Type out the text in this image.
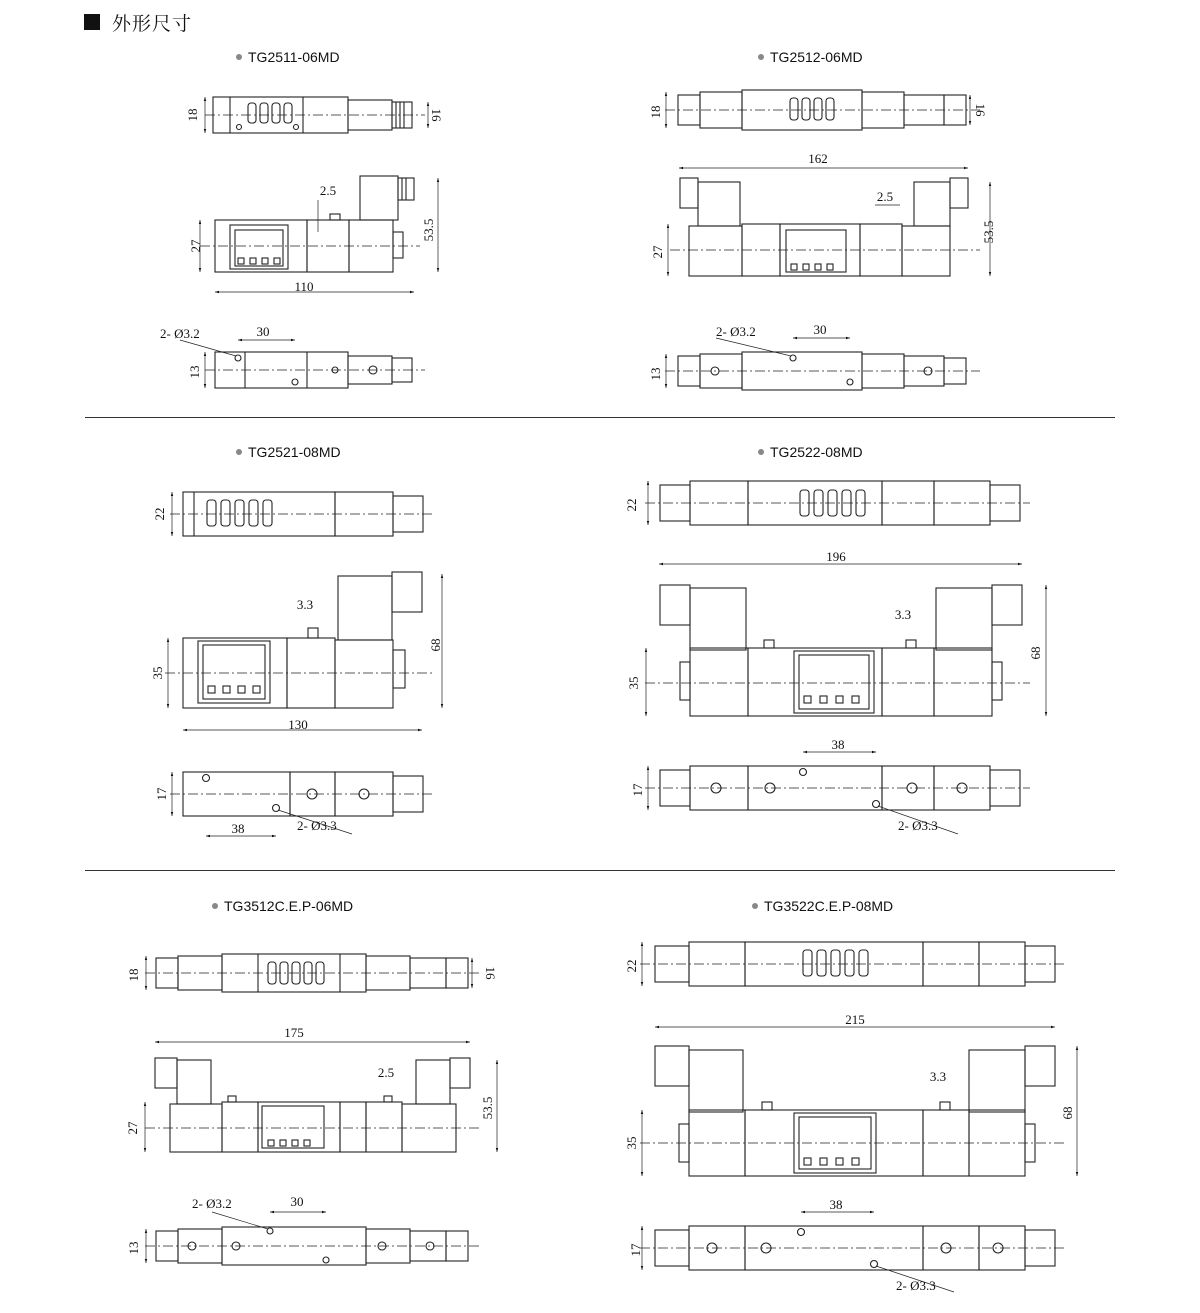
外形尺寸
TG2511-06MD	TG2512-06MD
TG2521-08MD	TG2522-08MD
TG3512C.E.P-06MD	TG3522C.E.P-08MD
18	16
2.5
27
53.5
110
2- Ø3.2	30
13
18	16
162
2.5
27
53.5
2- Ø3.2	30
13
22
3.3
35
68
130
17
38	2- Ø3.3
22
196
3.3
35
68
38
17
2- Ø3.3
18	16
175
2.5
27
53.5
2- Ø3.2	30
13
22
215
3.3
35
68
38
17
2- Ø3.3
